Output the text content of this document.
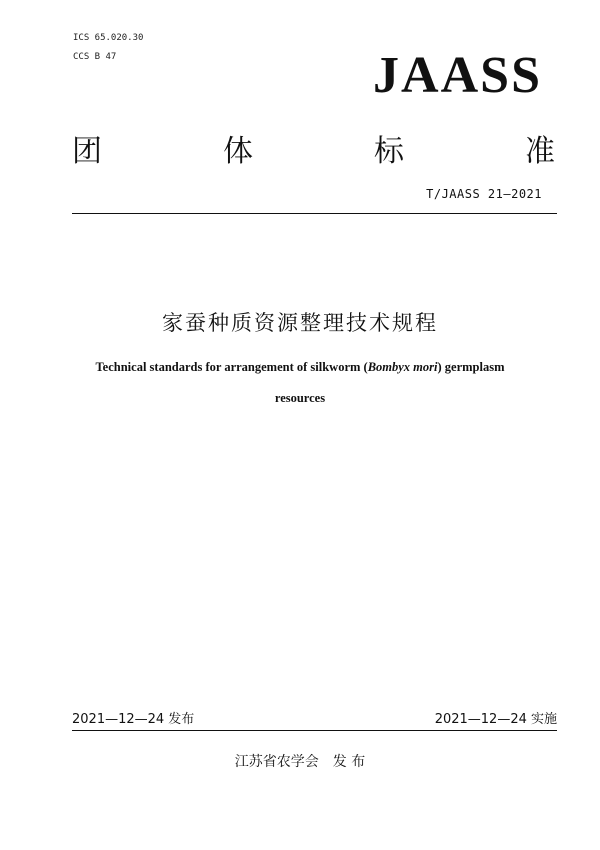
ICS 65.020.30
CCS B 47	JAASS
团	体	标	准
T/JAASS 21—2021
家蚕种质资源整理技术规程
Technical standards for arrangement of silkworm (Bombyx mori) germplasm
resources
2021—12—24 发布	2021—12—24 实施
江苏省农学会 发 布
